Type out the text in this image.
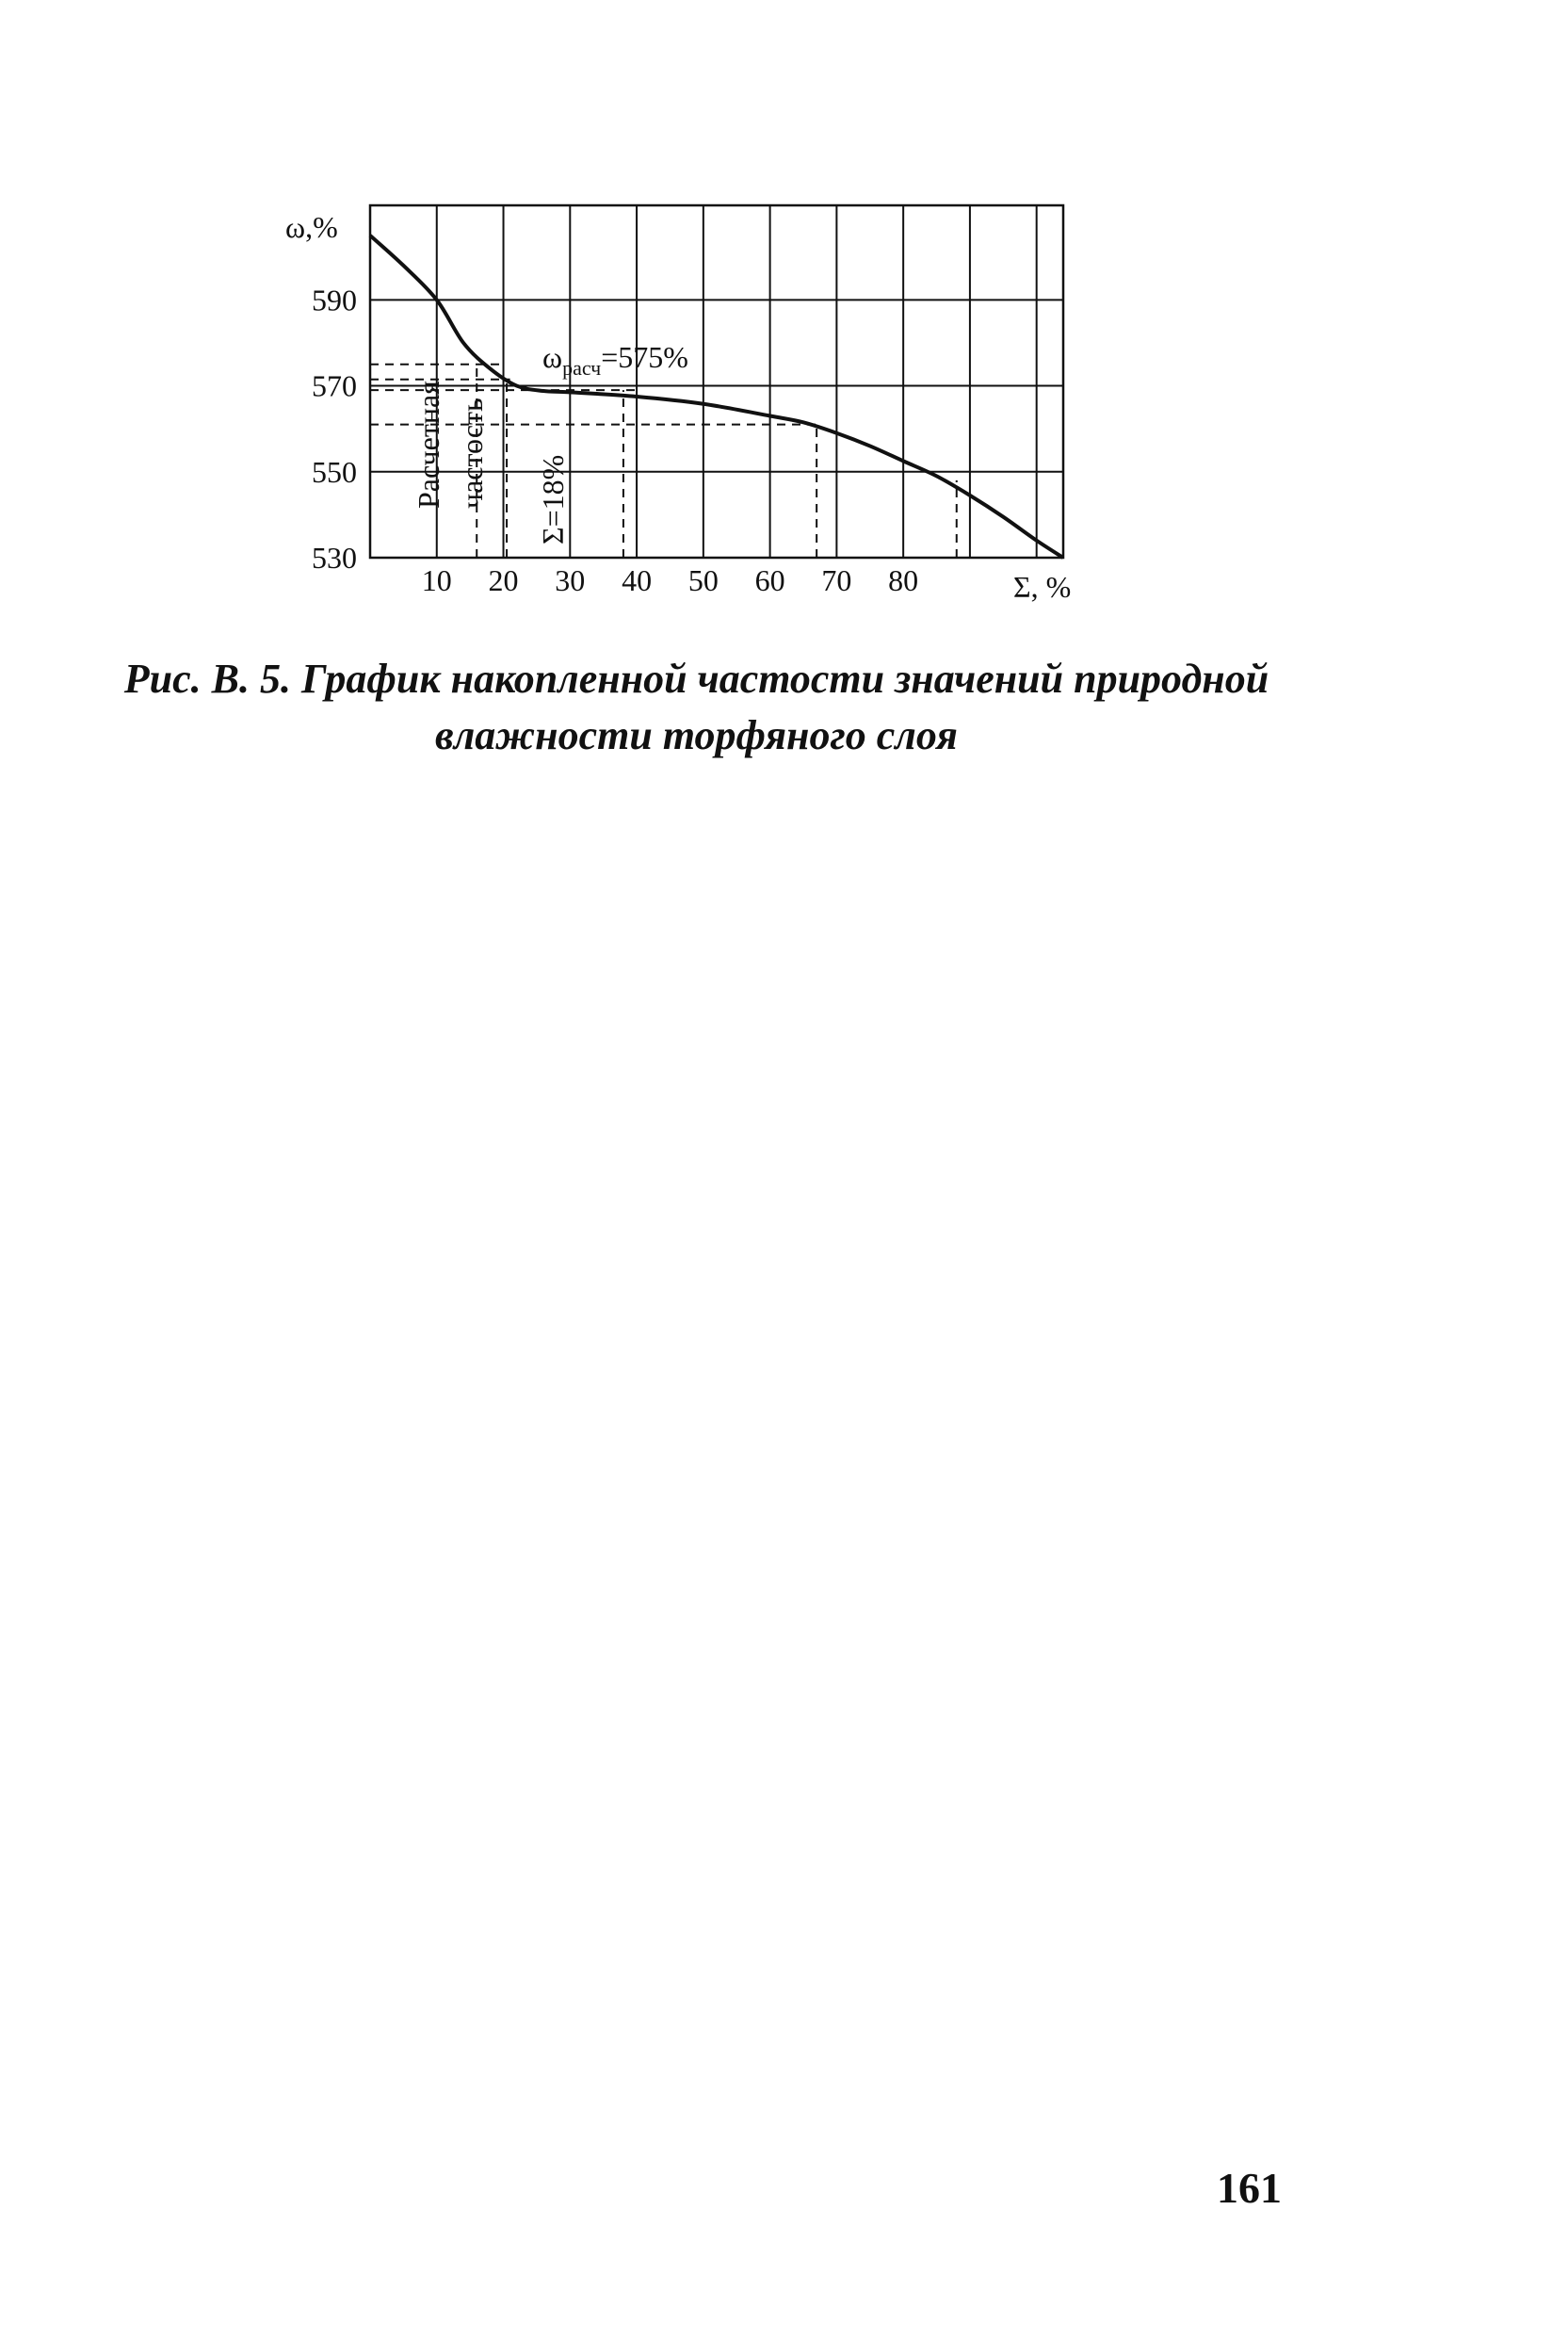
530
550
570
590
10 20 30 40 50 60 70 80
ω,%
Σ, %
$\omega_{расч}=575\%$
Расчетная частость Σ=18%
Рис. В. 5. График накопленной частости значений природной
влажности торфяного слоя
161
